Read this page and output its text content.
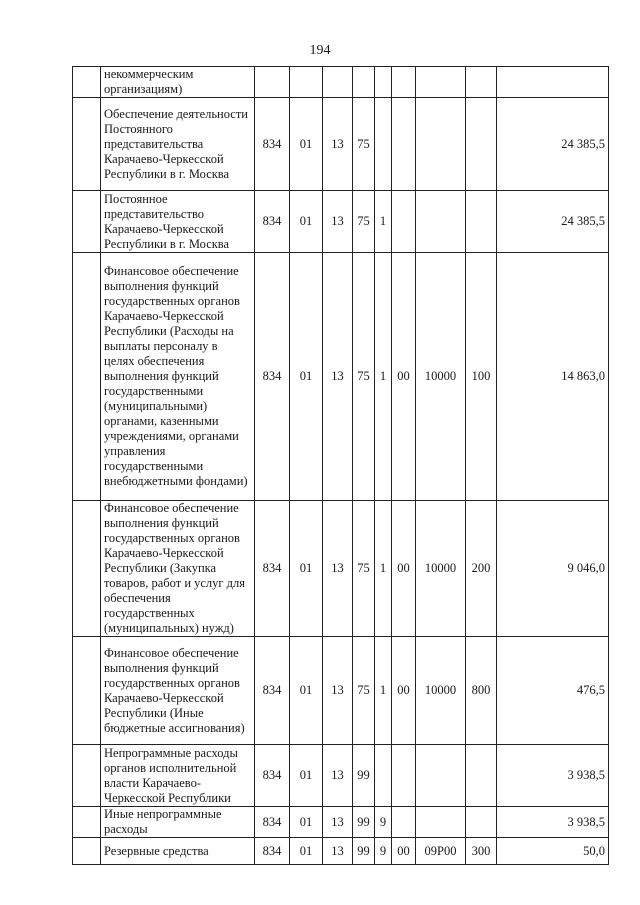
194
	некоммерческим организациям)									
	Обеспечение деятельности Постоянного представительства Карачаево-Черкесской Республики в г. Москва	834	01	13	75					24 385,5
	Постоянное представительство Карачаево-Черкесской Республики в г. Москва	834	01	13	75	1				24 385,5
	Финансовое обеспечение выполнения функций государственных органов Карачаево-Черкесской Республики (Расходы на выплаты персоналу в целях обеспечения выполнения функций государственными (муниципальными) органами, казенными учреждениями, органами управления государственными внебюджетными фондами)	834	01	13	75	1	00	10000	100	14 863,0
	Финансовое обеспечение выполнения функций государственных органов Карачаево-Черкесской Республики (Закупка товаров, работ и услуг для обеспечения государственных (муниципальных) нужд)	834	01	13	75	1	00	10000	200	9 046,0
	Финансовое обеспечение выполнения функций государственных органов Карачаево-Черкесской Республики (Иные бюджетные ассигнования)	834	01	13	75	1	00	10000	800	476,5
	Непрограммные расходы органов исполнительной власти Карачаево-Черкесской Республики	834	01	13	99					3 938,5
	Иные непрограммные расходы	834	01	13	99	9				3 938,5
	Резервные средства	834	01	13	99	9	00	09Р00	300	50,0
